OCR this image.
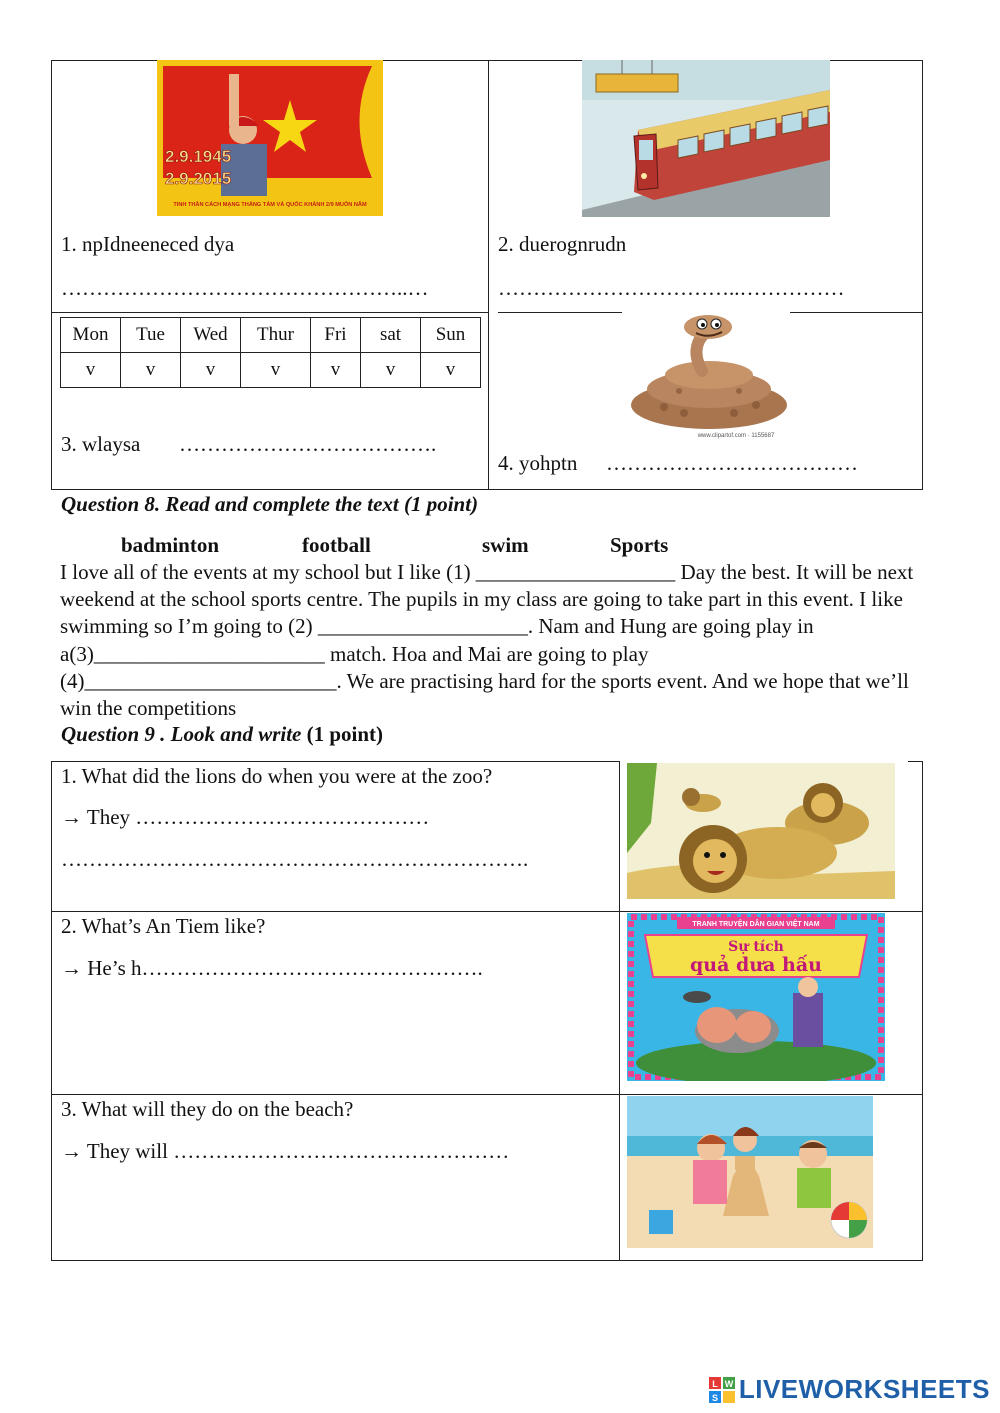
2.9.1945
2.9.2015
TINH THẦN CÁCH MẠNG THÁNG TÁM VÀ QUỐC KHÁNH 2/9 MUÔN NĂM
www.clipartof.com · 1155687
1. npIdneeneced dya
…………………………………………..…
2. duerognrudn
……………………………..……………
Mon	Tue	Wed	Thur	Fri	sat	Sun
v	v	v	v	v	v	v
3. wlaysa ……………………………….
4. yohptn ………………………………
Question 8. Read and complete the text (1 point)
badminton	football	swim	Sports
I love all of the events at my school but I like (1) ___________________ Day the best. It will be next weekend at the school sports centre. The pupils in my class are going to take part in this event. I like swimming so I’m going to (2) ____________________. Nam and Hung are going play in a(3)______________________ match. Hoa and Mai are going to play (4)________________________. We are practising hard for the sports event. And we hope that we’ll win the competitions
Question 9 . Look and write (1 point)
1. What did the lions do when you were at the zoo?
→ They ……………………………………
………………………………………………………….
2. What’s An Tiem like?
→ He’s h………………………………………….
3. What will they do on the beach?
→ They will …………………………………………
TRANH TRUYỆN DÂN GIAN VIỆT NAM
Sự tích
quả dưa hấu
L W
S LIVEWORKSHEETS
